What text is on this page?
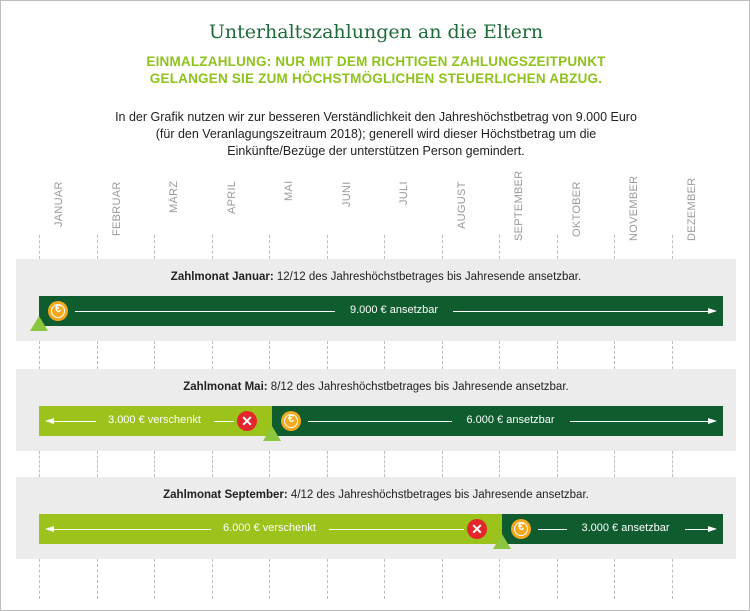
Unterhaltszahlungen an die Eltern
EINMALZAHLUNG: NUR MIT DEM RICHTIGEN ZAHLUNGSZEITPUNKT
GELANGEN SIE ZUM HÖCHSTMÖGLICHEN STEUERLICHEN ABZUG.
In der Grafik nutzen wir zur besseren Verständlichkeit den Jahreshöchstbetrag von 9.000 Euro
(für den Veranlagungszeitraum 2018); generell wird dieser Höchstbetrag um die
Einkünfte/Bezüge der unterstützen Person gemindert.
JANUAR	FEBRUAR	MÄRZ	APRIL	MAI	JUNI	JULI	AUGUST	SEPTEMBER	OKTOBER	NOVEMBER	DEZEMBER
Zahlmonat Januar: 12/12 des Jahreshöchstbetrages bis Jahresende ansetzbar.
€	9.000 € ansetzbar
Zahlmonat Mai: 8/12 des Jahreshöchstbetrages bis Jahresende ansetzbar.
3.000 € verschenkt	✕	€	6.000 € ansetzbar
Zahlmonat September: 4/12 des Jahreshöchstbetrages bis Jahresende ansetzbar.
6.000 € verschenkt	✕	€	3.000 € ansetzbar
